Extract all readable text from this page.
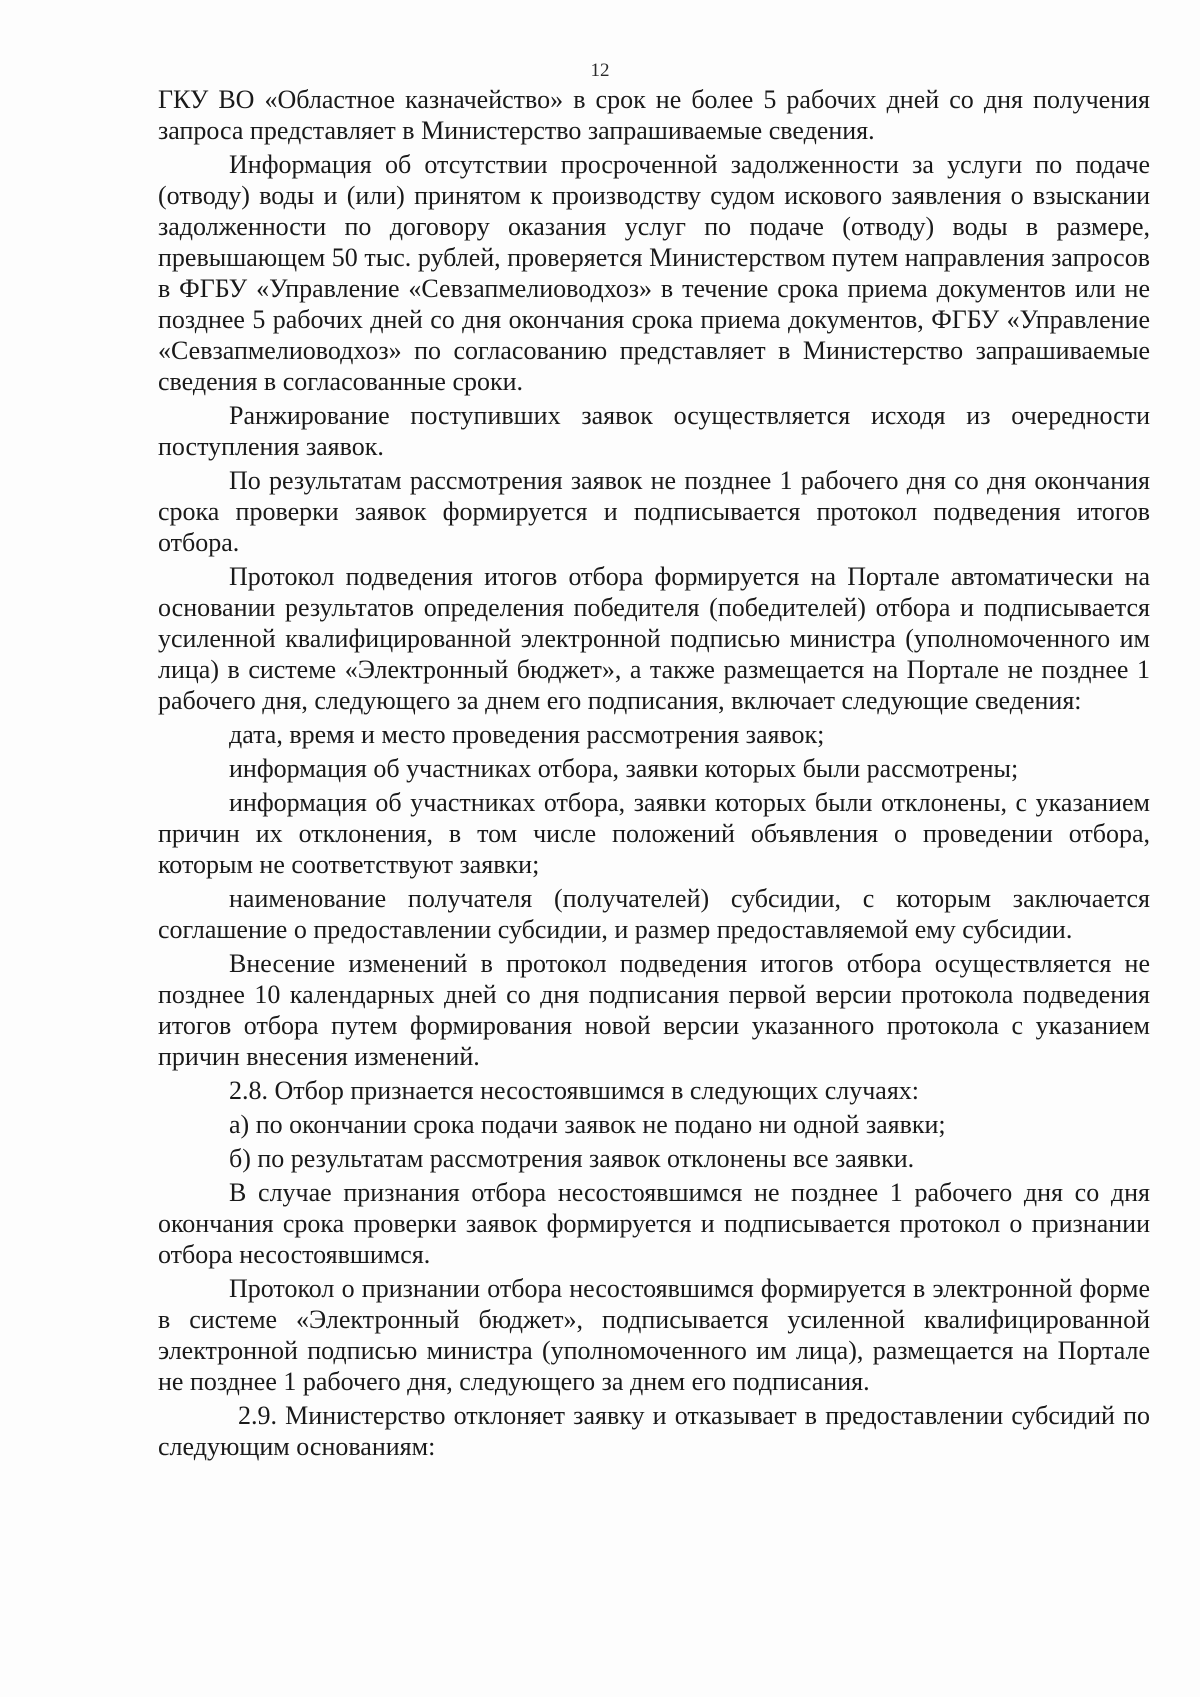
12

ГКУ ВО «Областное казначейство» в срок не более 5 рабочих дней со дня получения запроса представляет в Министерство запрашиваемые сведения.

Информация об отсутствии просроченной задолженности за услуги по подаче (отводу) воды и (или) принятом к производству судом искового заявления о взыскании задолженности по договору оказания услуг по подаче (отводу) воды в размере, превышающем 50 тыс. рублей, проверяется Министерством путем направления запросов в ФГБУ «Управление «Севзапмелиоводхоз» в течение срока приема документов или не позднее 5 рабочих дней со дня окончания срока приема документов, ФГБУ «Управление «Севзапмелиоводхоз» по согласованию представляет в Министерство запрашиваемые сведения в согласованные сроки.

Ранжирование поступивших заявок осуществляется исходя из очередности поступления заявок.

По результатам рассмотрения заявок не позднее 1 рабочего дня со дня окончания срока проверки заявок формируется и подписывается протокол подведения итогов отбора.

Протокол подведения итогов отбора формируется на Портале автоматически на основании результатов определения победителя (победителей) отбора и подписывается усиленной квалифицированной электронной подписью министра (уполномоченного им лица) в системе «Электронный бюджет», а также размещается на Портале не позднее 1 рабочего дня, следующего за днем его подписания, включает следующие сведения:

дата, время и место проведения рассмотрения заявок;

информация об участниках отбора, заявки которых были рассмотрены;

информация об участниках отбора, заявки которых были отклонены, с указанием причин их отклонения, в том числе положений объявления о проведении отбора, которым не соответствуют заявки;

наименование получателя (получателей) субсидии, с которым заключается соглашение о предоставлении субсидии, и размер предоставляемой ему субсидии.

Внесение изменений в протокол подведения итогов отбора осуществляется не позднее 10 календарных дней со дня подписания первой версии протокола подведения итогов отбора путем формирования новой версии указанного протокола с указанием причин внесения изменений.

2.8. Отбор признается несостоявшимся в следующих случаях:

а) по окончании срока подачи заявок не подано ни одной заявки;

б) по результатам рассмотрения заявок отклонены все заявки.

В случае признания отбора несостоявшимся не позднее 1 рабочего дня со дня окончания срока проверки заявок формируется и подписывается протокол о признании отбора несостоявшимся.

Протокол о признании отбора несостоявшимся формируется в электронной форме в системе «Электронный бюджет», подписывается усиленной квалифицированной электронной подписью министра (уполномоченного им лица), размещается на Портале не позднее 1 рабочего дня, следующего за днем его подписания.

2.9. Министерство отклоняет заявку и отказывает в предоставлении субсидий по следующим основаниям:
